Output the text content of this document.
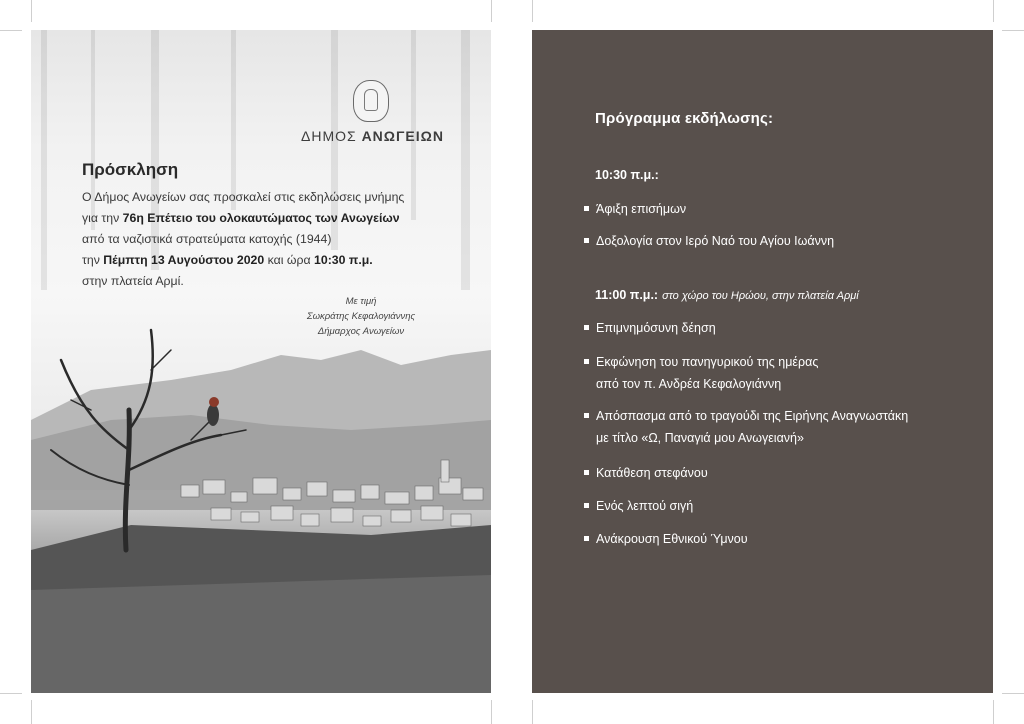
ΔΗΜΟΣ ΑΝΩΓΕΙΩΝ
Πρόσκληση
Ο Δήμος Ανωγείων σας προσκαλεί στις εκδηλώσεις μνήμης
για την 76η Επέτειο του ολοκαυτώματος των Ανωγείων
από τα ναζιστικά στρατεύματα κατοχής (1944)
την Πέμπτη 13 Αυγούστου 2020 και ώρα 10:30 π.μ.
στην πλατεία Αρμί.
Με τιμή
Σωκράτης Κεφαλογιάννης
Δήμαρχος Ανωγείων
Πρόγραμμα εκδήλωσης:
10:30 π.μ.:
Άφιξη επισήμων
Δοξολογία στον Ιερό Ναό του Αγίου Ιωάννη
11:00 π.μ.: στο χώρο του Ηρώου, στην πλατεία Αρμί
Επιμνημόσυνη δέηση
Εκφώνηση του πανηγυρικού της ημέρας
από τον π. Ανδρέα Κεφαλογιάννη
Απόσπασμα από το τραγούδι της Ειρήνης Αναγνωστάκη
με τίτλο «Ω, Παναγιά μου Ανωγειανή»
Κατάθεση στεφάνου
Ενός λεπτού σιγή
Ανάκρουση Εθνικού Ύμνου
